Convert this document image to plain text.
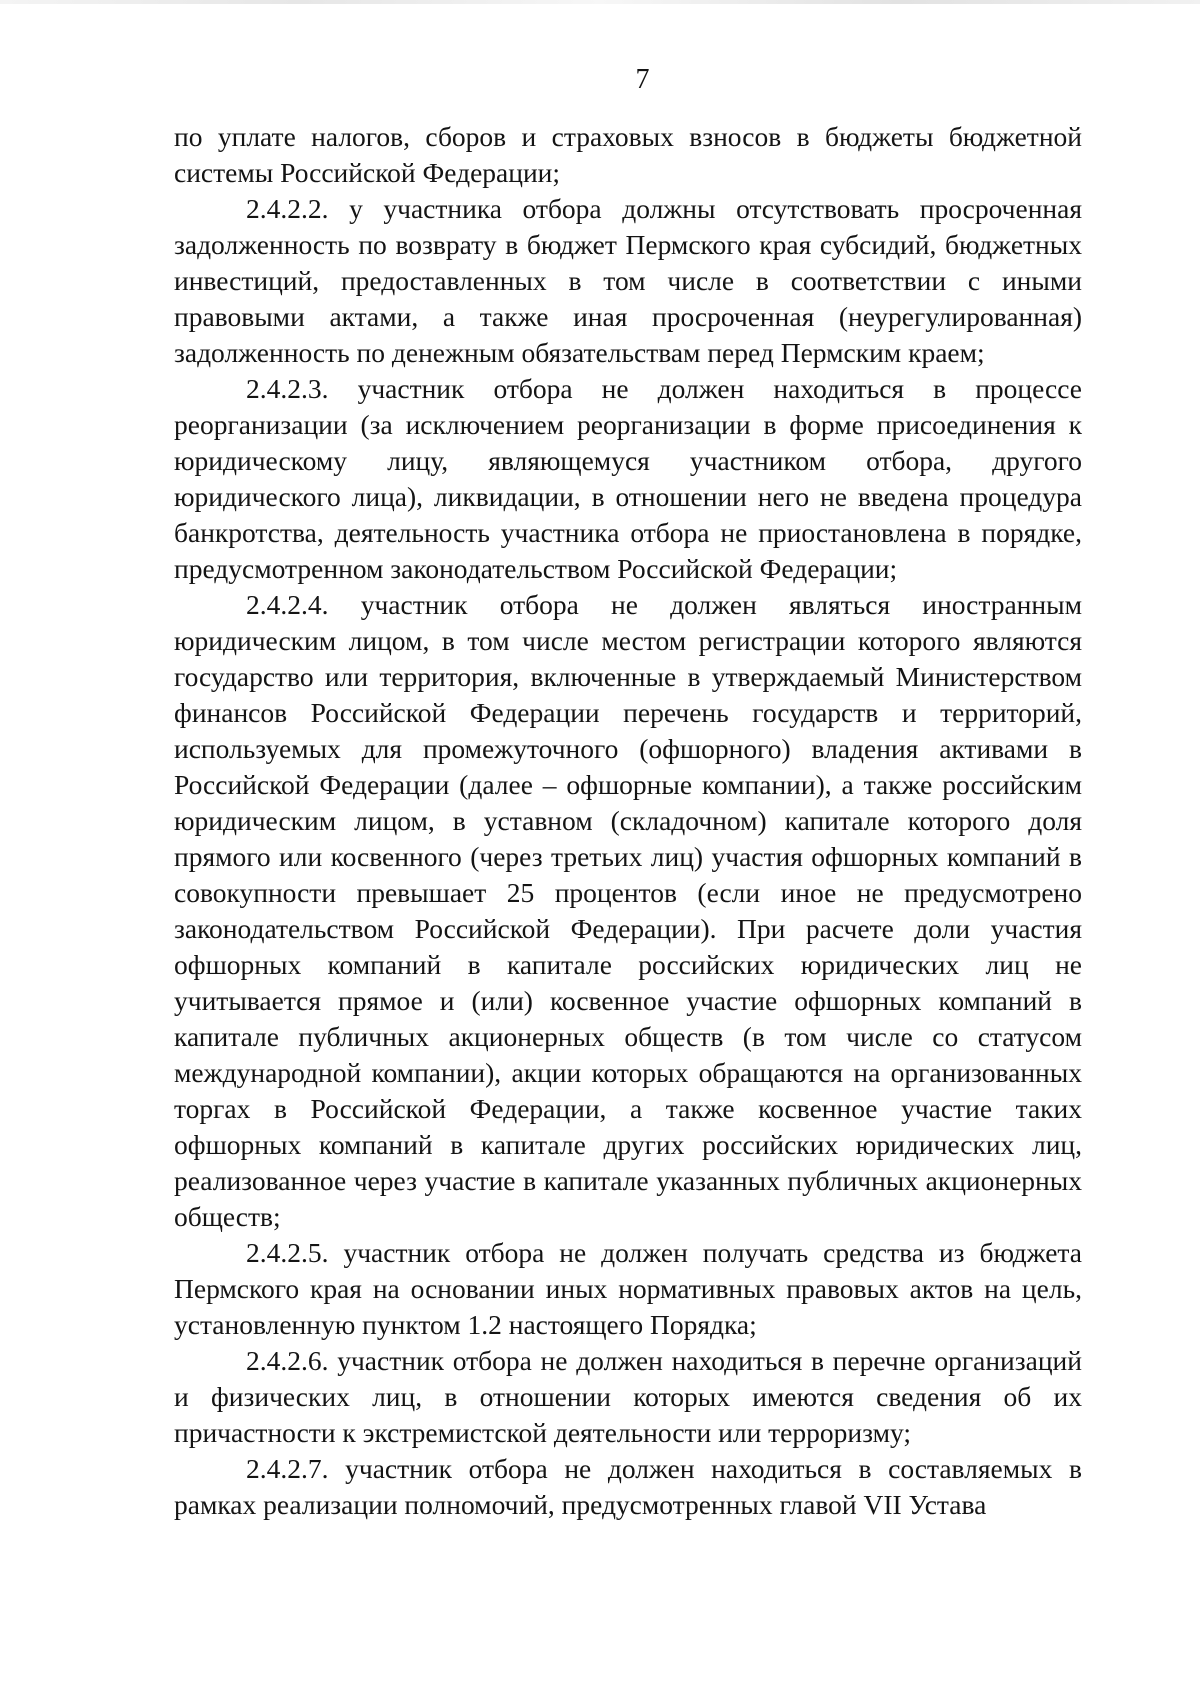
7

по уплате налогов, сборов и страховых взносов в бюджеты бюджетной системы Российской Федерации;

2.4.2.2. у участника отбора должны отсутствовать просроченная задолженность по возврату в бюджет Пермского края субсидий, бюджетных инвестиций, предоставленных в том числе в соответствии с иными правовыми актами, а также иная просроченная (неурегулированная) задолженность по денежным обязательствам перед Пермским краем;

2.4.2.3. участник отбора не должен находиться в процессе реорганизации (за исключением реорганизации в форме присоединения к юридическому лицу, являющемуся участником отбора, другого юридического лица), ликвидации, в отношении него не введена процедура банкротства, деятельность участника отбора не приостановлена в порядке, предусмотренном законодательством Российской Федерации;

2.4.2.4. участник отбора не должен являться иностранным юридическим лицом, в том числе местом регистрации которого являются государство или территория, включенные в утверждаемый Министерством финансов Российской Федерации перечень государств и территорий, используемых для промежуточного (офшорного) владения активами в Российской Федерации (далее – офшорные компании), а также российским юридическим лицом, в уставном (складочном) капитале которого доля прямого или косвенного (через третьих лиц) участия офшорных компаний в совокупности превышает 25 процентов (если иное не предусмотрено законодательством Российской Федерации). При расчете доли участия офшорных компаний в капитале российских юридических лиц не учитывается прямое и (или) косвенное участие офшорных компаний в капитале публичных акционерных обществ (в том числе со статусом международной компании), акции которых обращаются на организованных торгах в Российской Федерации, а также косвенное участие таких офшорных компаний в капитале других российских юридических лиц, реализованное через участие в капитале указанных публичных акционерных обществ;

2.4.2.5. участник отбора не должен получать средства из бюджета Пермского края на основании иных нормативных правовых актов на цель, установленную пунктом 1.2 настоящего Порядка;

2.4.2.6. участник отбора не должен находиться в перечне организаций и физических лиц, в отношении которых имеются сведения об их причастности к экстремистской деятельности или терроризму;

2.4.2.7. участник отбора не должен находиться в составляемых в рамках реализации полномочий, предусмотренных главой VII Устава
